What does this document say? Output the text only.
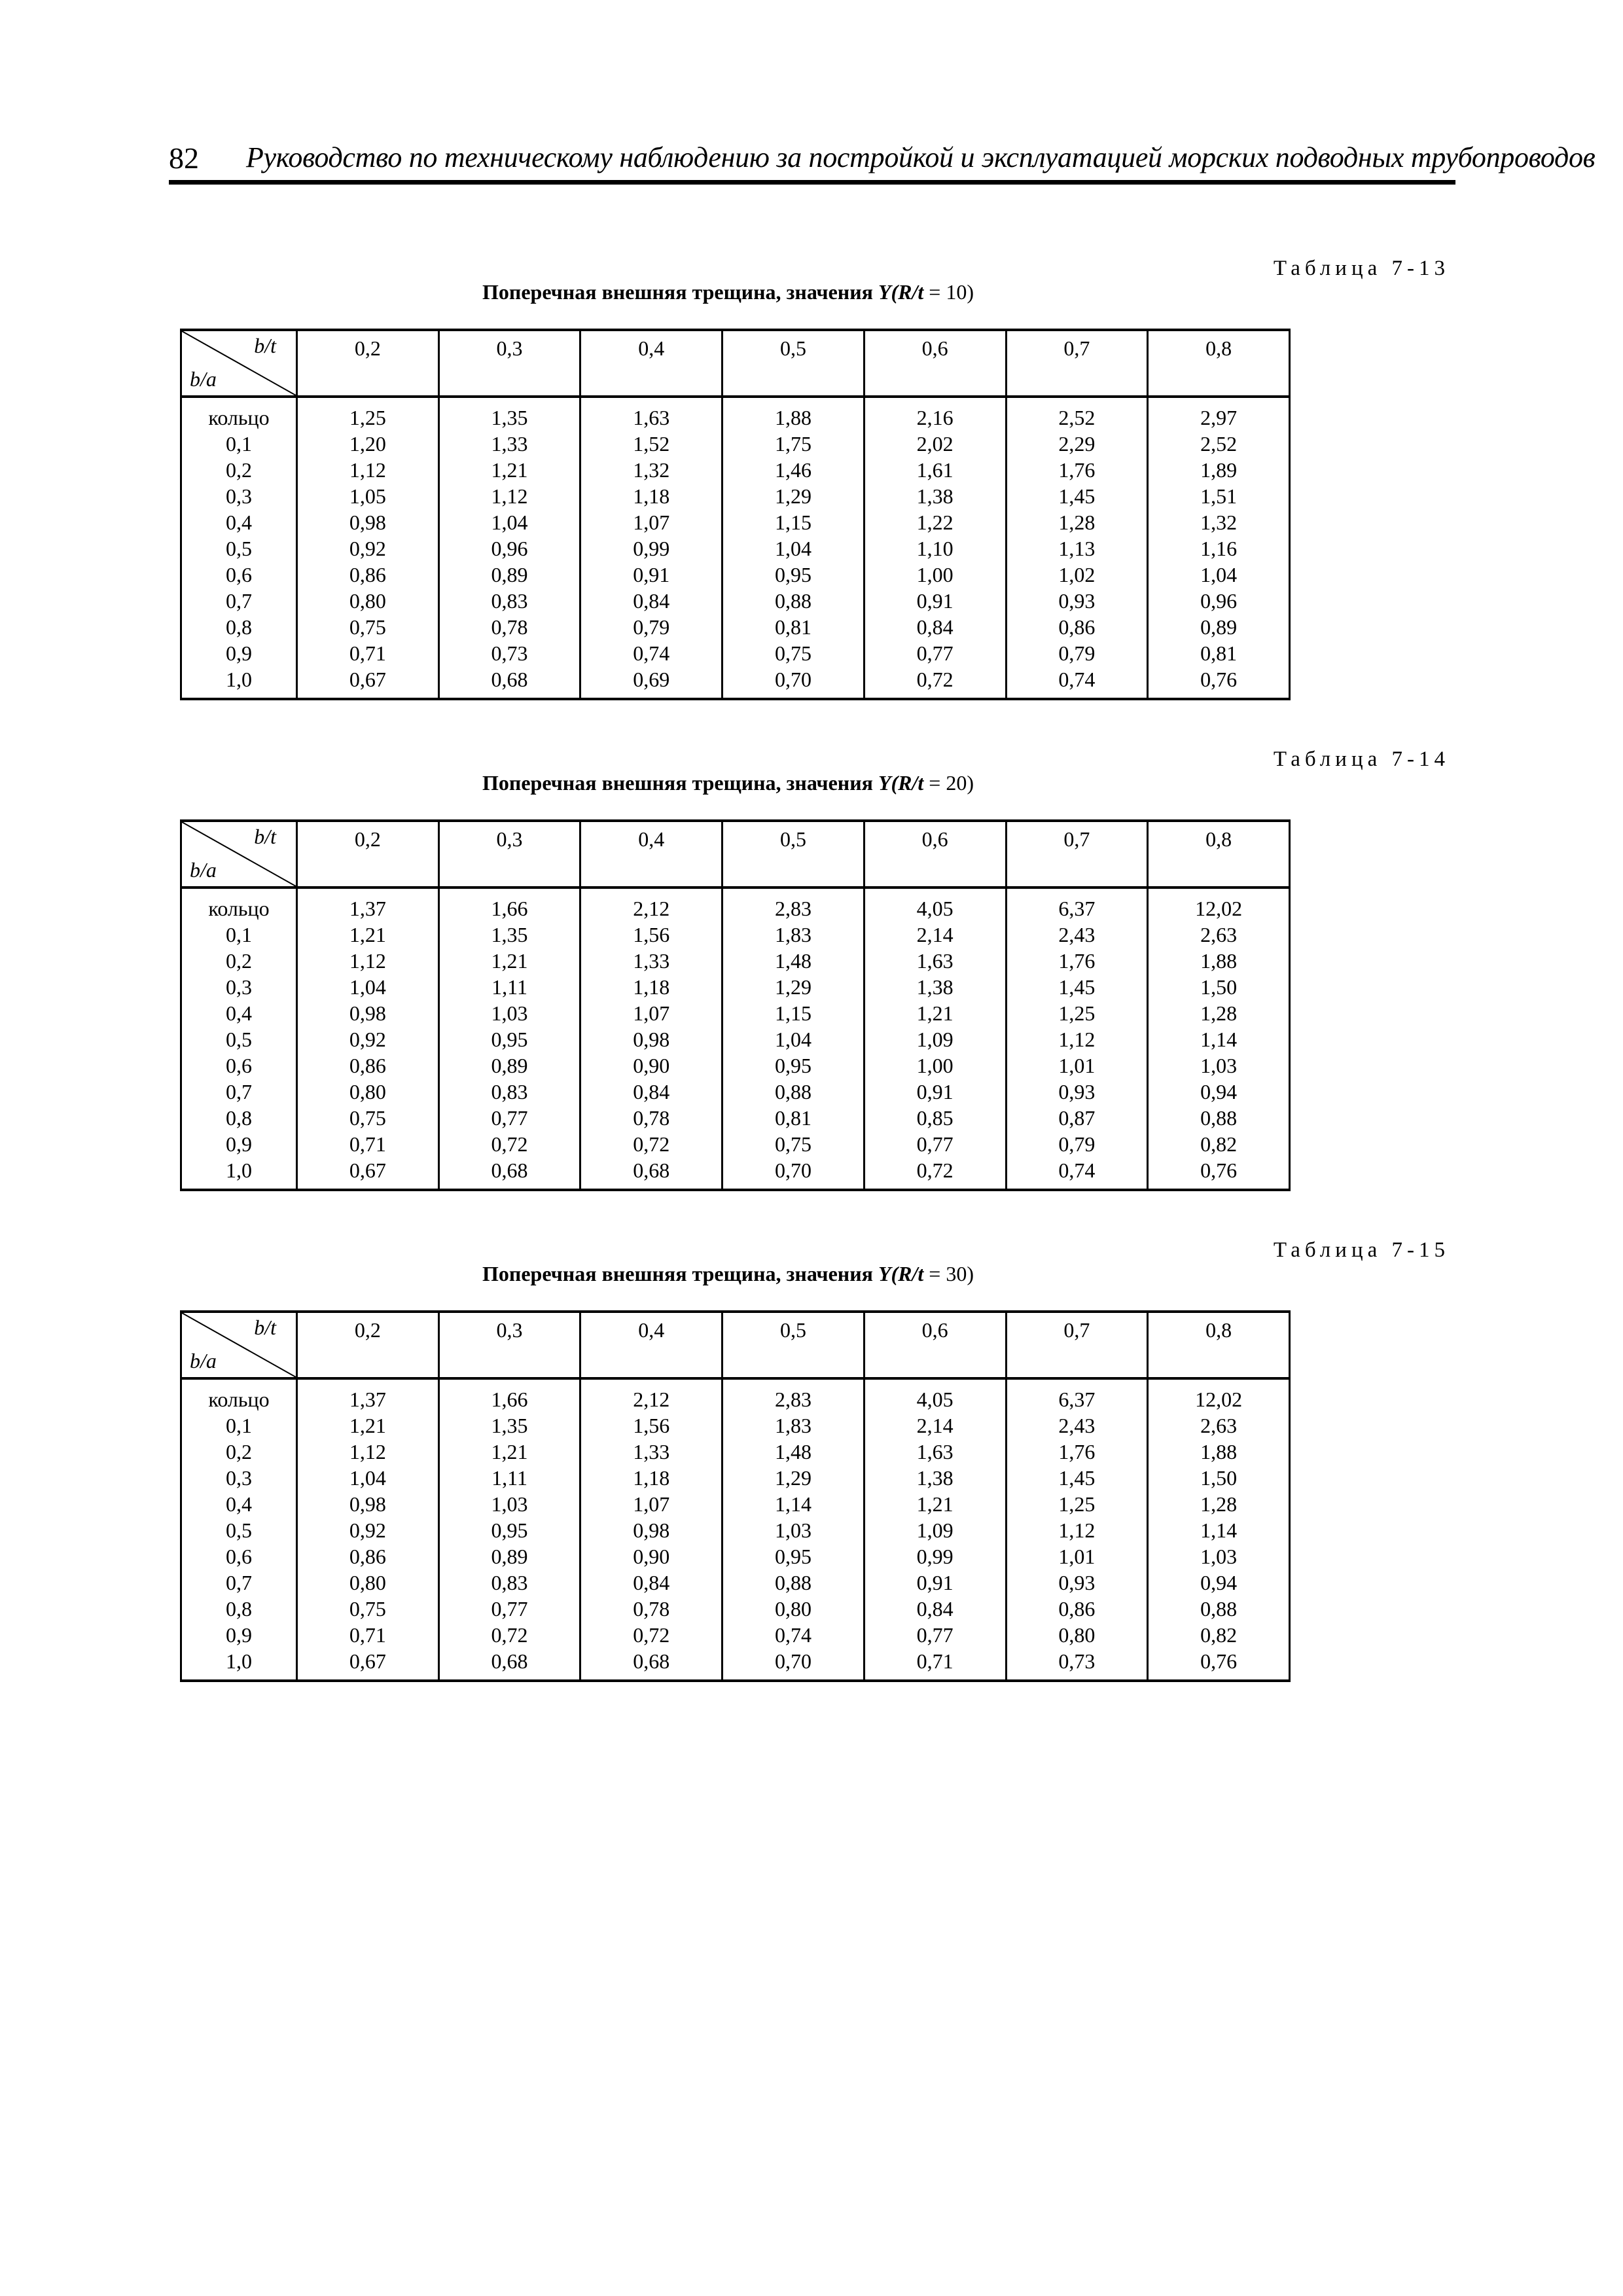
82 Руководство по техническому наблюдению за постройкой и эксплуатацией морских подводных трубопроводов
Таблица 7-13
Поперечная внешняя трещина, значения Y(R/t = 10)
b/t
b/a	0,2	0,3	0,4	0,5	0,6	0,7	0,8
кольцо	1,25	1,35	1,63	1,88	2,16	2,52	2,97
0,1	1,20	1,33	1,52	1,75	2,02	2,29	2,52
0,2	1,12	1,21	1,32	1,46	1,61	1,76	1,89
0,3	1,05	1,12	1,18	1,29	1,38	1,45	1,51
0,4	0,98	1,04	1,07	1,15	1,22	1,28	1,32
0,5	0,92	0,96	0,99	1,04	1,10	1,13	1,16
0,6	0,86	0,89	0,91	0,95	1,00	1,02	1,04
0,7	0,80	0,83	0,84	0,88	0,91	0,93	0,96
0,8	0,75	0,78	0,79	0,81	0,84	0,86	0,89
0,9	0,71	0,73	0,74	0,75	0,77	0,79	0,81
1,0	0,67	0,68	0,69	0,70	0,72	0,74	0,76
Таблица 7-14
Поперечная внешняя трещина, значения Y(R/t = 20)
b/t
b/a	0,2	0,3	0,4	0,5	0,6	0,7	0,8
кольцо	1,37	1,66	2,12	2,83	4,05	6,37	12,02
0,1	1,21	1,35	1,56	1,83	2,14	2,43	2,63
0,2	1,12	1,21	1,33	1,48	1,63	1,76	1,88
0,3	1,04	1,11	1,18	1,29	1,38	1,45	1,50
0,4	0,98	1,03	1,07	1,15	1,21	1,25	1,28
0,5	0,92	0,95	0,98	1,04	1,09	1,12	1,14
0,6	0,86	0,89	0,90	0,95	1,00	1,01	1,03
0,7	0,80	0,83	0,84	0,88	0,91	0,93	0,94
0,8	0,75	0,77	0,78	0,81	0,85	0,87	0,88
0,9	0,71	0,72	0,72	0,75	0,77	0,79	0,82
1,0	0,67	0,68	0,68	0,70	0,72	0,74	0,76
Таблица 7-15
Поперечная внешняя трещина, значения Y(R/t = 30)
b/t
b/a	0,2	0,3	0,4	0,5	0,6	0,7	0,8
кольцо	1,37	1,66	2,12	2,83	4,05	6,37	12,02
0,1	1,21	1,35	1,56	1,83	2,14	2,43	2,63
0,2	1,12	1,21	1,33	1,48	1,63	1,76	1,88
0,3	1,04	1,11	1,18	1,29	1,38	1,45	1,50
0,4	0,98	1,03	1,07	1,14	1,21	1,25	1,28
0,5	0,92	0,95	0,98	1,03	1,09	1,12	1,14
0,6	0,86	0,89	0,90	0,95	0,99	1,01	1,03
0,7	0,80	0,83	0,84	0,88	0,91	0,93	0,94
0,8	0,75	0,77	0,78	0,80	0,84	0,86	0,88
0,9	0,71	0,72	0,72	0,74	0,77	0,80	0,82
1,0	0,67	0,68	0,68	0,70	0,71	0,73	0,76
